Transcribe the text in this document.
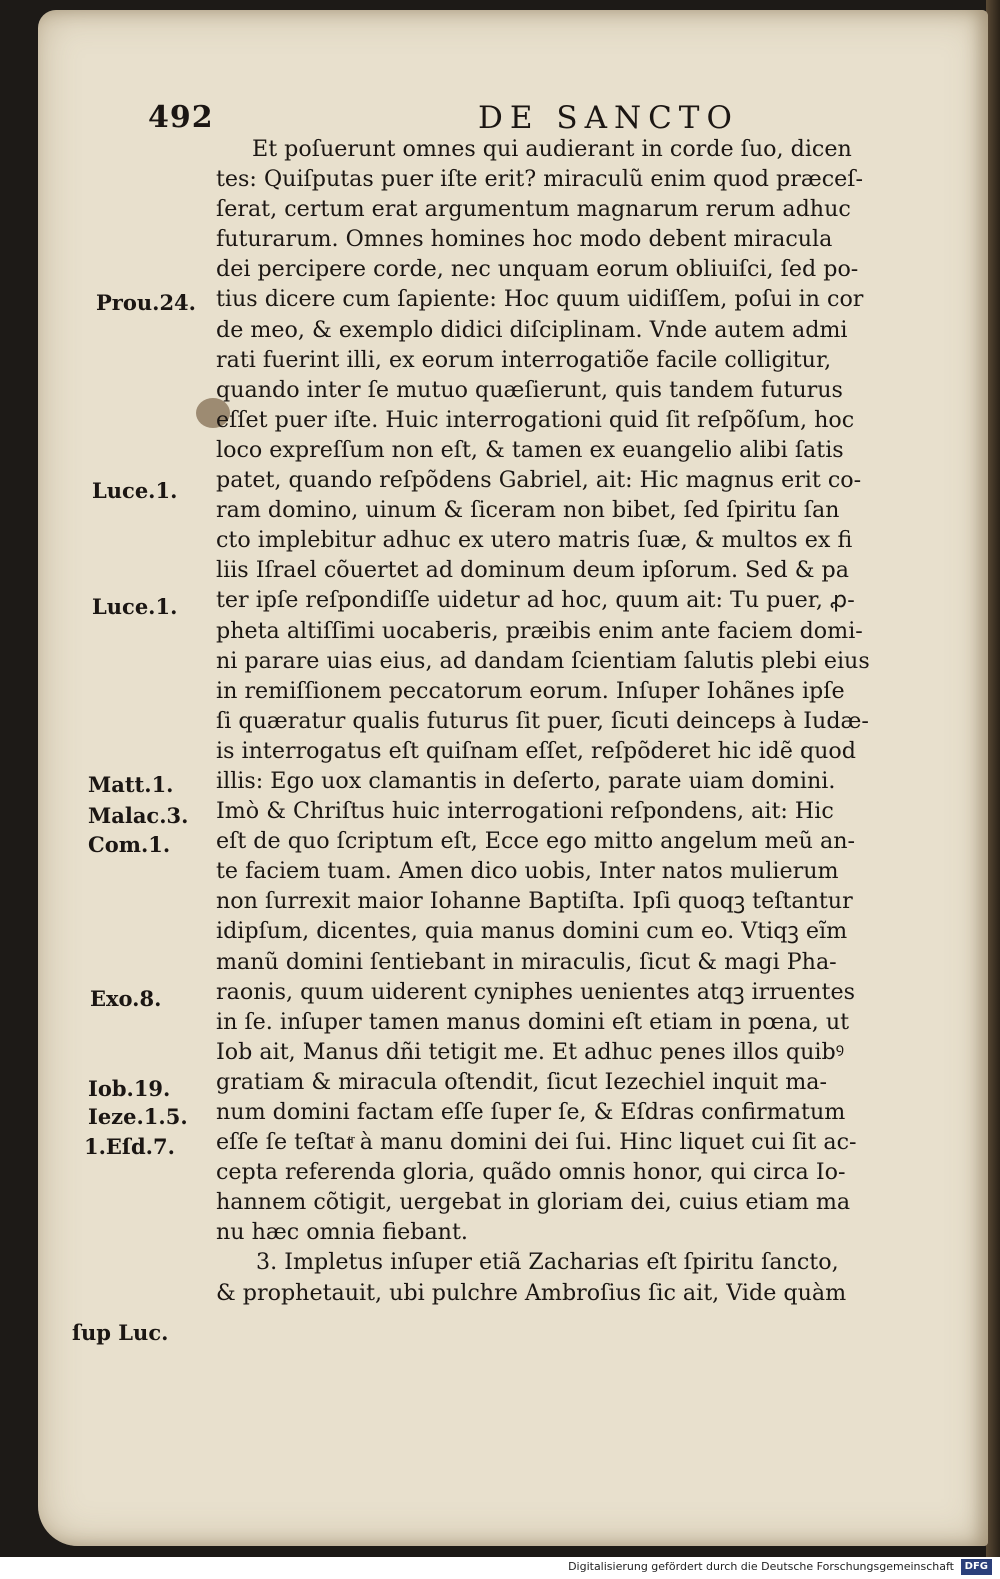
492	DE SANCTO
Et poſuerunt omnes qui audierant in corde ſuo, dicen
tes: Quiſputas puer iſte erit? miraculũ enim quod præceſ-
ſerat, certum erat argumentum magnarum rerum adhuc
futurarum. Omnes homines hoc modo debent miracula
dei percipere corde, nec unquam eorum obliuiſci, ſed po-
tius dicere cum ſapiente: Hoc quum uidiſſem, poſui in cor
de meo, & exemplo didici diſciplinam. Vnde autem admi
rati fuerint illi, ex eorum interrogatiõe facile colligitur,
quando inter ſe mutuo quæſierunt, quis tandem futurus
eſſet puer iſte. Huic interrogationi quid ſit reſpõſum, hoc
loco expreſſum non eſt, & tamen ex euangelio alibi ſatis
patet, quando reſpõdens Gabriel, ait: Hic magnus erit co-
ram domino, uinum & ſiceram non bibet, ſed ſpiritu ſan
cto implebitur adhuc ex utero matris ſuæ, & multos ex fi
liis Iſrael cõuertet ad dominum deum ipſorum. Sed & pa
ter ipſe reſpondiſſe uidetur ad hoc, quum ait: Tu puer, ꝓ-
pheta altiſſimi uocaberis, præibis enim ante faciem domi-
ni parare uias eius, ad dandam ſcientiam ſalutis plebi eius
in remiſſionem peccatorum eorum. Inſuper Iohãnes ipſe
ſi quæratur qualis futurus ſit puer, ſicuti deinceps à Iudæ-
is interrogatus eſt quiſnam eſſet, reſpõderet hic idẽ quod
illis: Ego uox clamantis in deſerto, parate uiam domini.
Imò & Chriſtus huic interrogationi reſpondens, ait: Hic
eſt de quo ſcriptum eſt, Ecce ego mitto angelum meũ an-
te faciem tuam. Amen dico uobis, Inter natos mulierum
non ſurrexit maior Iohanne Baptiſta. Ipſi quoqꝫ teſtantur
idipſum, dicentes, quia manus domini cum eo. Vtiqꝫ eĩm
manũ domini ſentiebant in miraculis, ſicut & magi Pha-
raonis, quum uiderent cyniphes uenientes atqꝫ irruentes
in ſe. inſuper tamen manus domini eſt etiam in pœna, ut
Iob ait, Manus dñi tetigit me. Et adhuc penes illos quibꝰ
gratiam & miracula oſtendit, ſicut Iezechiel inquit ma-
num domini factam eſſe ſuper ſe, & Eſdras confirmatum
eſſe ſe teſtatͬ à manu domini dei ſui. Hinc liquet cui ſit ac-
cepta referenda gloria, quãdo omnis honor, qui circa Io-
hannem cõtigit, uergebat in gloriam dei, cuius etiam ma
nu hæc omnia fiebant.
3. Impletus inſuper etiã Zacharias eſt ſpiritu ſancto,
& prophetauit, ubi pulchre Ambroſius ſic ait, Vide quàm
Prou.24.
Luce.1.
Luce.1.
Matt.1.
Malac.3.
Com.1.
Exo.8.
Iob.19.
Ieze.1.5.
1.Eſd.7.
ſup Luc.
Digitalisierung gefördert durch die Deutsche Forschungsgemeinschaft	DFG
